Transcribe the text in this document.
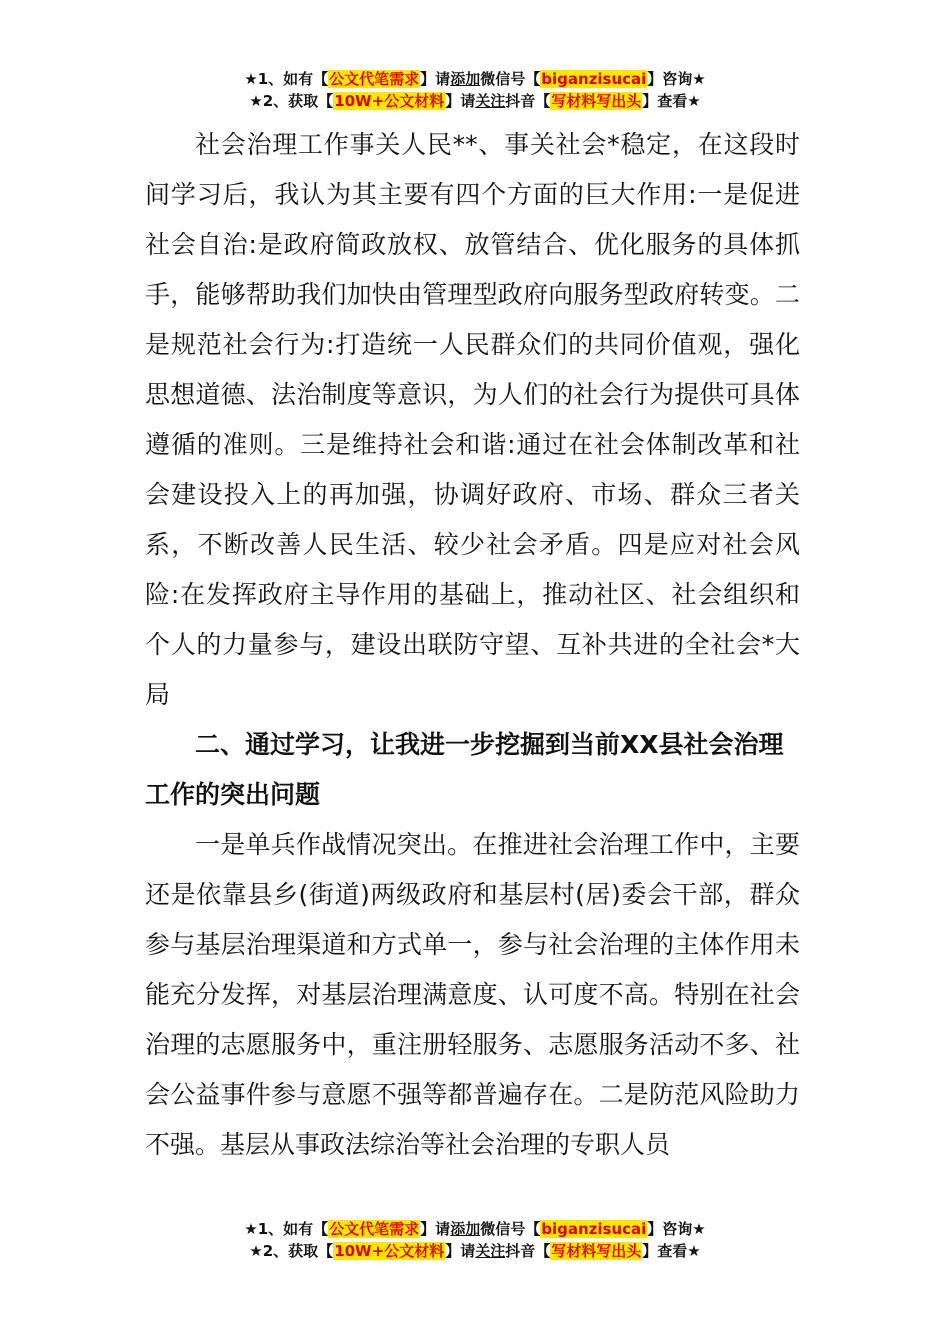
★1、如有【公文代笔需求】请添加微信号【biganzisucai】咨询★
★2、获取【10W+公文材料】请关注抖音【写材料写出头】查看★

社会治理工作事关人民**、事关社会*稳定，在这段时间学习后，我认为其主要有四个方面的巨大作用:一是促进社会自治:是政府简政放权、放管结合、优化服务的具体抓手，能够帮助我们加快由管理型政府向服务型政府转变。二是规范社会行为:打造统一人民群众们的共同价值观，强化思想道德、法治制度等意识，为人们的社会行为提供可具体遵循的准则。三是维持社会和谐:通过在社会体制改革和社会建设投入上的再加强，协调好政府、市场、群众三者关系，不断改善人民生活、较少社会矛盾。四是应对社会风险:在发挥政府主导作用的基础上，推动社区、社会组织和个人的力量参与，建设出联防守望、互补共进的全社会*大局

二、通过学习，让我进一步挖掘到当前XX县社会治理工作的突出问题

一是单兵作战情况突出。在推进社会治理工作中，主要还是依靠县乡(街道)两级政府和基层村(居)委会干部，群众参与基层治理渠道和方式单一，参与社会治理的主体作用未能充分发挥，对基层治理满意度、认可度不高。特别在社会治理的志愿服务中，重注册轻服务、志愿服务活动不多、社会公益事件参与意愿不强等都普遍存在。二是防范风险助力不强。基层从事政法综治等社会治理的专职人员

★1、如有【公文代笔需求】请添加微信号【biganzisucai】咨询★
★2、获取【10W+公文材料】请关注抖音【写材料写出头】查看★
